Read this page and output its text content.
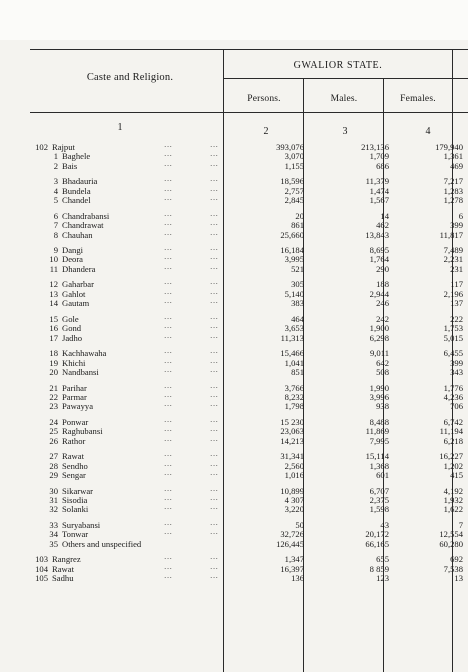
Caste and Religion.
GWALIOR STATE.
Persons.	Males.	Females.
1	2	3	4
102 Rajput	···	···	393,076	213,136	179,940
1 Baghele	···	···	3,070	1,709	1,361
2 Bais	···	···	1,155	686	469
3 Bhadauria	···	···	18,596	11,379	7,217
4 Bundela	···	···	2,757	1,474	1,283
5 Chandel	···	···	2,845	1,567	1,278
6 Chandrabansi	···	···	20	14	6
7 Chandrawat	···	···	861	462	399
8 Chauhan	···	···	25,660	13,843	11,817
9 Dangi	···	···	16,184	8,695	7,489
10 Deora	···	···	3,995	1,764	2,231
11 Dhandera	···	···	521	290	231
12 Gaharbar	···	···	305	188	117
13 Gahlot	···	···	5,140	2,944	2,196
14 Gautam	···	···	383	246	137
15 Gole	···	···	464	242	222
16 Gond	···	···	3,653	1,900	1,753
17 Jadho	···	···	11,313	6,298	5,015
18 Kachhawaha	···	···	15,466	9,011	6,455
19 Khichi	···	···	1,041	642	399
20 Nandbansi	···	···	851	508	343
21 Parihar	···	···	3,766	1,990	1,776
22 Parmar	···	···	8,232	3,996	4,236
23 Pawayya	···	···	1,798	938	706
24 Ponwar	···	···	15 230	8,488	6,742
25 Raghubansi	···	···	23,063	11,869	11,194
26 Rathor	···	···	14,213	7,995	6,218
27 Rawat	···	···	31,341	15,114	16,227
28 Sendho	···	···	2,560	1,368	1,202
29 Sengar	···	···	1,016	601	415
30 Sikarwar	···	···	10,899	6,707	4,192
31 Sisodia	···	···	4 307	2,375	1,932
32 Solanki	···	···	3,220	1,598	1,622
33 Suryabansi	···	···	50	43	7
34 Tonwar	···	···	32,726	20,172	12,554
35 Others and unspecified	126,445	66,165	60,280
103 Rangrez	···	···	1,347	655	692
104 Rawat	···	···	16,397	8 859	7,538
105 Sadhu	···	···	136	123	13
